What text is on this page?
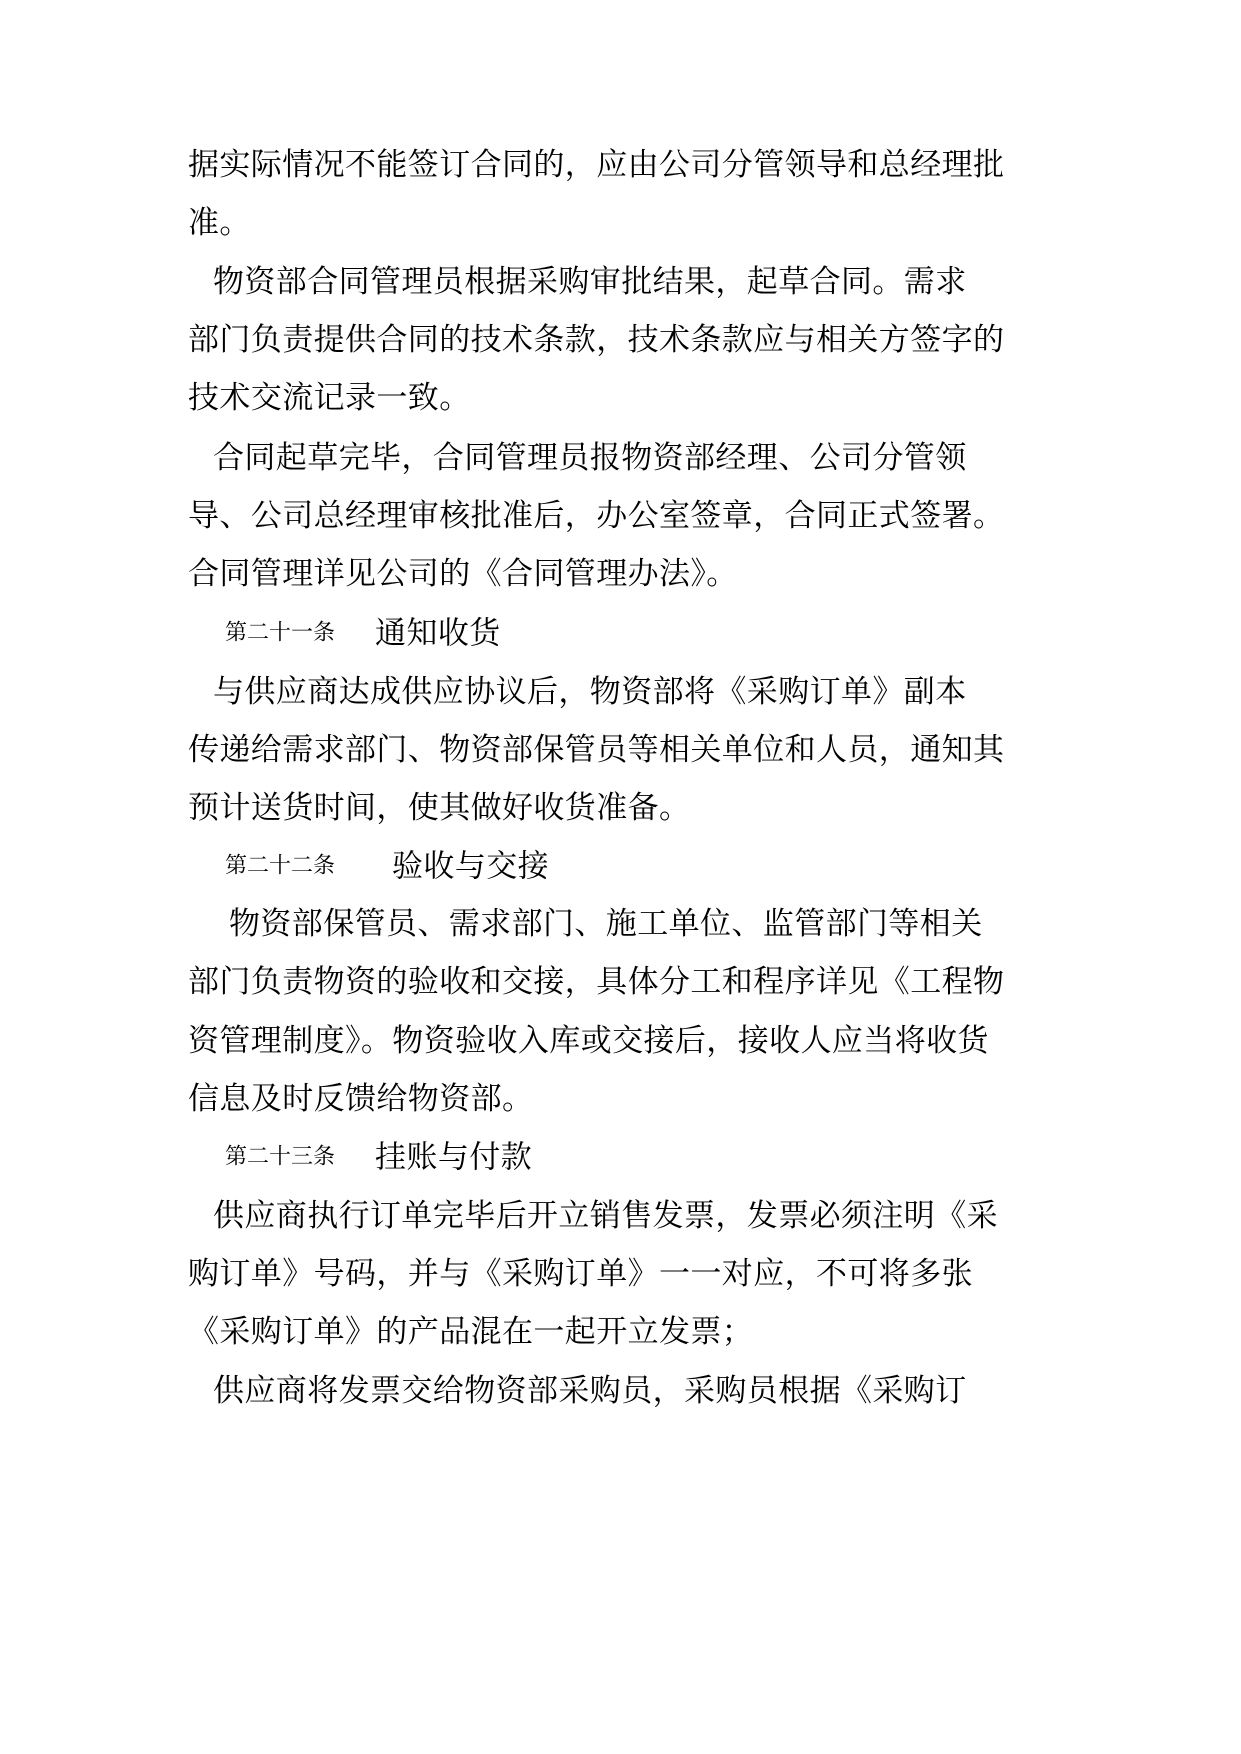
据实际情况不能签订合同的，应由公司分管领导和总经理批
准。
物资部合同管理员根据采购审批结果，起草合同。需求
部门负责提供合同的技术条款，技术条款应与相关方签字的
技术交流记录一致。
合同起草完毕，合同管理员报物资部经理、公司分管领
导、公司总经理审核批准后，办公室签章，合同正式签署。
合同管理详见公司的《合同管理办法》。
第二十一条 通知收货
与供应商达成供应协议后，物资部将《采购订单》副本
传递给需求部门、物资部保管员等相关单位和人员，通知其
预计送货时间，使其做好收货准备。
第二十二条 验收与交接
物资部保管员、需求部门、施工单位、监管部门等相关
部门负责物资的验收和交接，具体分工和程序详见《工程物
资管理制度》。物资验收入库或交接后，接收人应当将收货
信息及时反馈给物资部。
第二十三条 挂账与付款
供应商执行订单完毕后开立销售发票，发票必须注明《采
购订单》号码，并与《采购订单》一一对应，不可将多张
《采购订单》的产品混在一起开立发票；
供应商将发票交给物资部采购员，采购员根据《采购订
